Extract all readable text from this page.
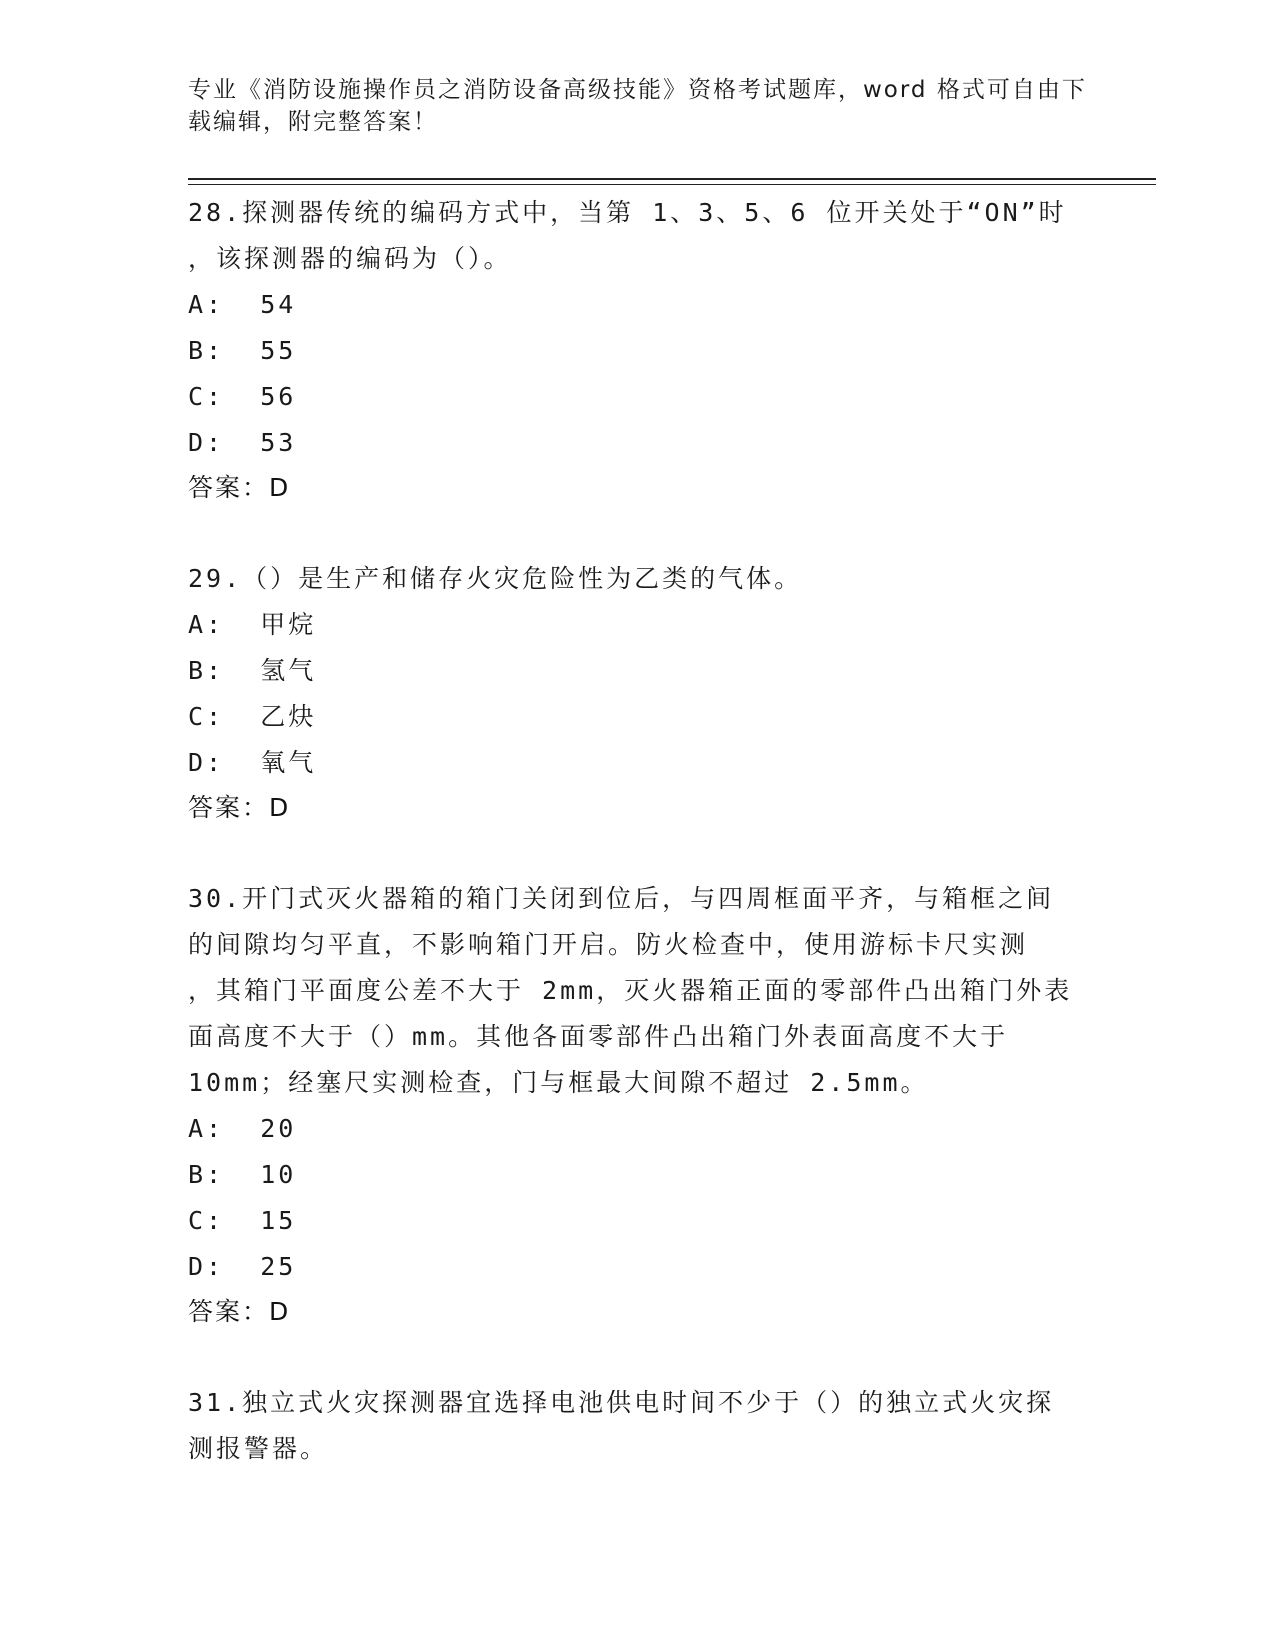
专业《消防设施操作员之消防设备高级技能》资格考试题库，word 格式可自由下
载编辑，附完整答案！

28.探测器传统的编码方式中，当第 1、3、5、6 位开关处于“ON”时

，该探测器的编码为（）。

A:  54

B:  55

C:  56

D:  53

答案：D

29.（）是生产和储存火灾危险性为乙类的气体。

A:  甲烷

B:  氢气

C:  乙炔

D:  氧气

答案：D

30.开门式灭火器箱的箱门关闭到位后，与四周框面平齐，与箱框之间

的间隙均匀平直，不影响箱门开启。防火检查中，使用游标卡尺实测

，其箱门平面度公差不大于 2mm，灭火器箱正面的零部件凸出箱门外表

面高度不大于（）mm。其他各面零部件凸出箱门外表面高度不大于

10mm；经塞尺实测检查，门与框最大间隙不超过 2.5mm。

A:  20

B:  10

C:  15

D:  25

答案：D

31.独立式火灾探测器宜选择电池供电时间不少于（）的独立式火灾探

测报警器。
